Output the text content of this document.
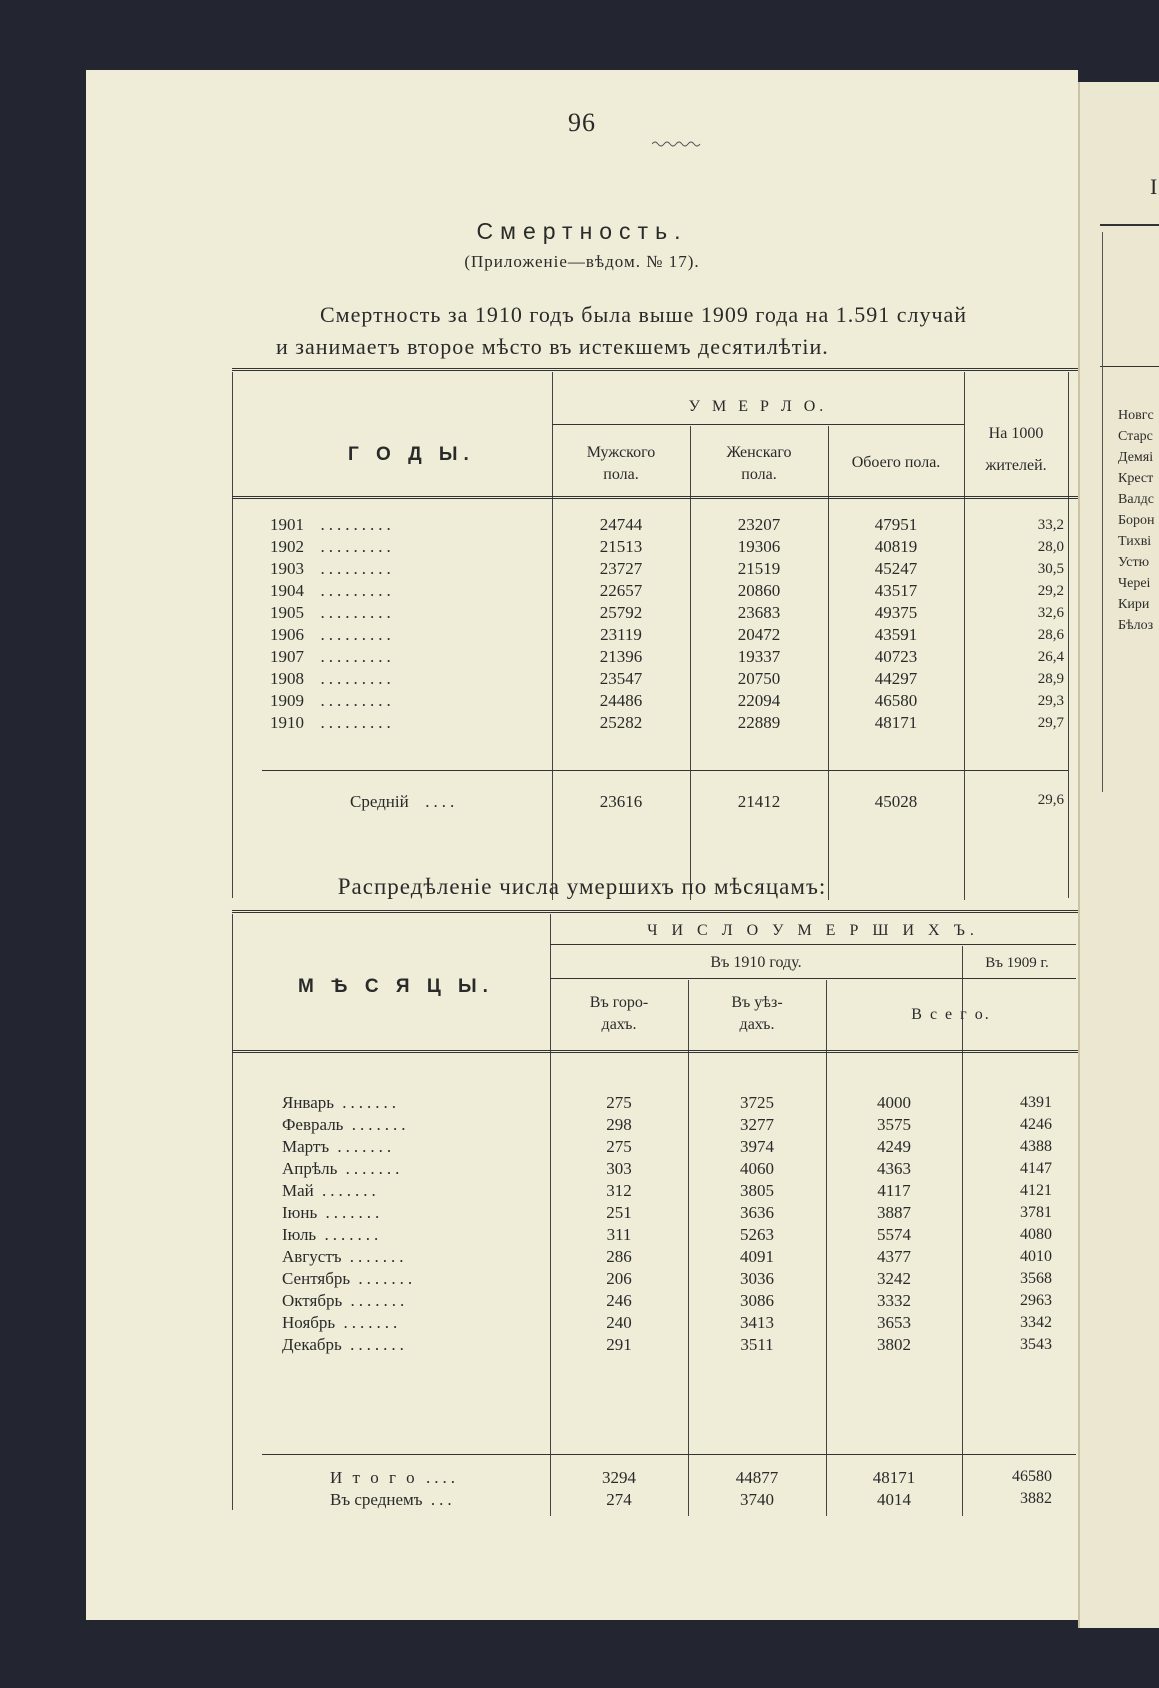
I
Новгс
Старс
Демяі
Крест
Валдс
Борон
Тихві
Устю
Череі
Кири
Бѣлоз
96
Смертность.
(Приложеніе—вѣдом. № 17).
Смертность за 1910 годъ была выше 1909 года на 1.591 случай
и занимаетъ второе мѣсто въ истекшемъ десятилѣтіи.
Г О Д Ы.
У М Е Р Л О.
Мужского
пола.
Женскаго
пола.
Обоего пола.
На 1000
жителей.
1901  .........	24744	23207	47951	33,2
1902  .........	21513	19306	40819	28,0
1903  .........	23727	21519	45247	30,5
1904  .........	22657	20860	43517	29,2
1905  .........	25792	23683	49375	32,6
1906  .........	23119	20472	43591	28,6
1907  .........	21396	19337	40723	26,4
1908  .........	23547	20750	44297	28,9
1909  .........	24486	22094	46580	29,3
1910  .........	25282	22889	48171	29,7
Средній  ....	23616	21412	45028	29,6
Распредѣленіе числа умершихъ по мѣсяцамъ:
М Ѣ С Я Ц Ы.
Ч И С Л О У М Е Р Ш И Х Ъ.
Въ 1910 году.	Въ 1909 г.
Въ горо-
дахъ.
Въ уѣз-
дахъ.
В с е г о.
Январь .......	275	3725	4000	4391
Февраль .......	298	3277	3575	4246
Мартъ .......	275	3974	4249	4388
Апрѣль .......	303	4060	4363	4147
Май .......	312	3805	4117	4121
Іюнь .......	251	3636	3887	3781
Іюль .......	311	5263	5574	4080
Августъ .......	286	4091	4377	4010
Сентябрь .......	206	3036	3242	3568
Октябрь .......	246	3086	3332	2963
Ноябрь .......	240	3413	3653	3342
Декабрь .......	291	3511	3802	3543
И т о г о ....	3294	44877	48171	46580
Въ среднемъ ...	274	3740	4014	3882
